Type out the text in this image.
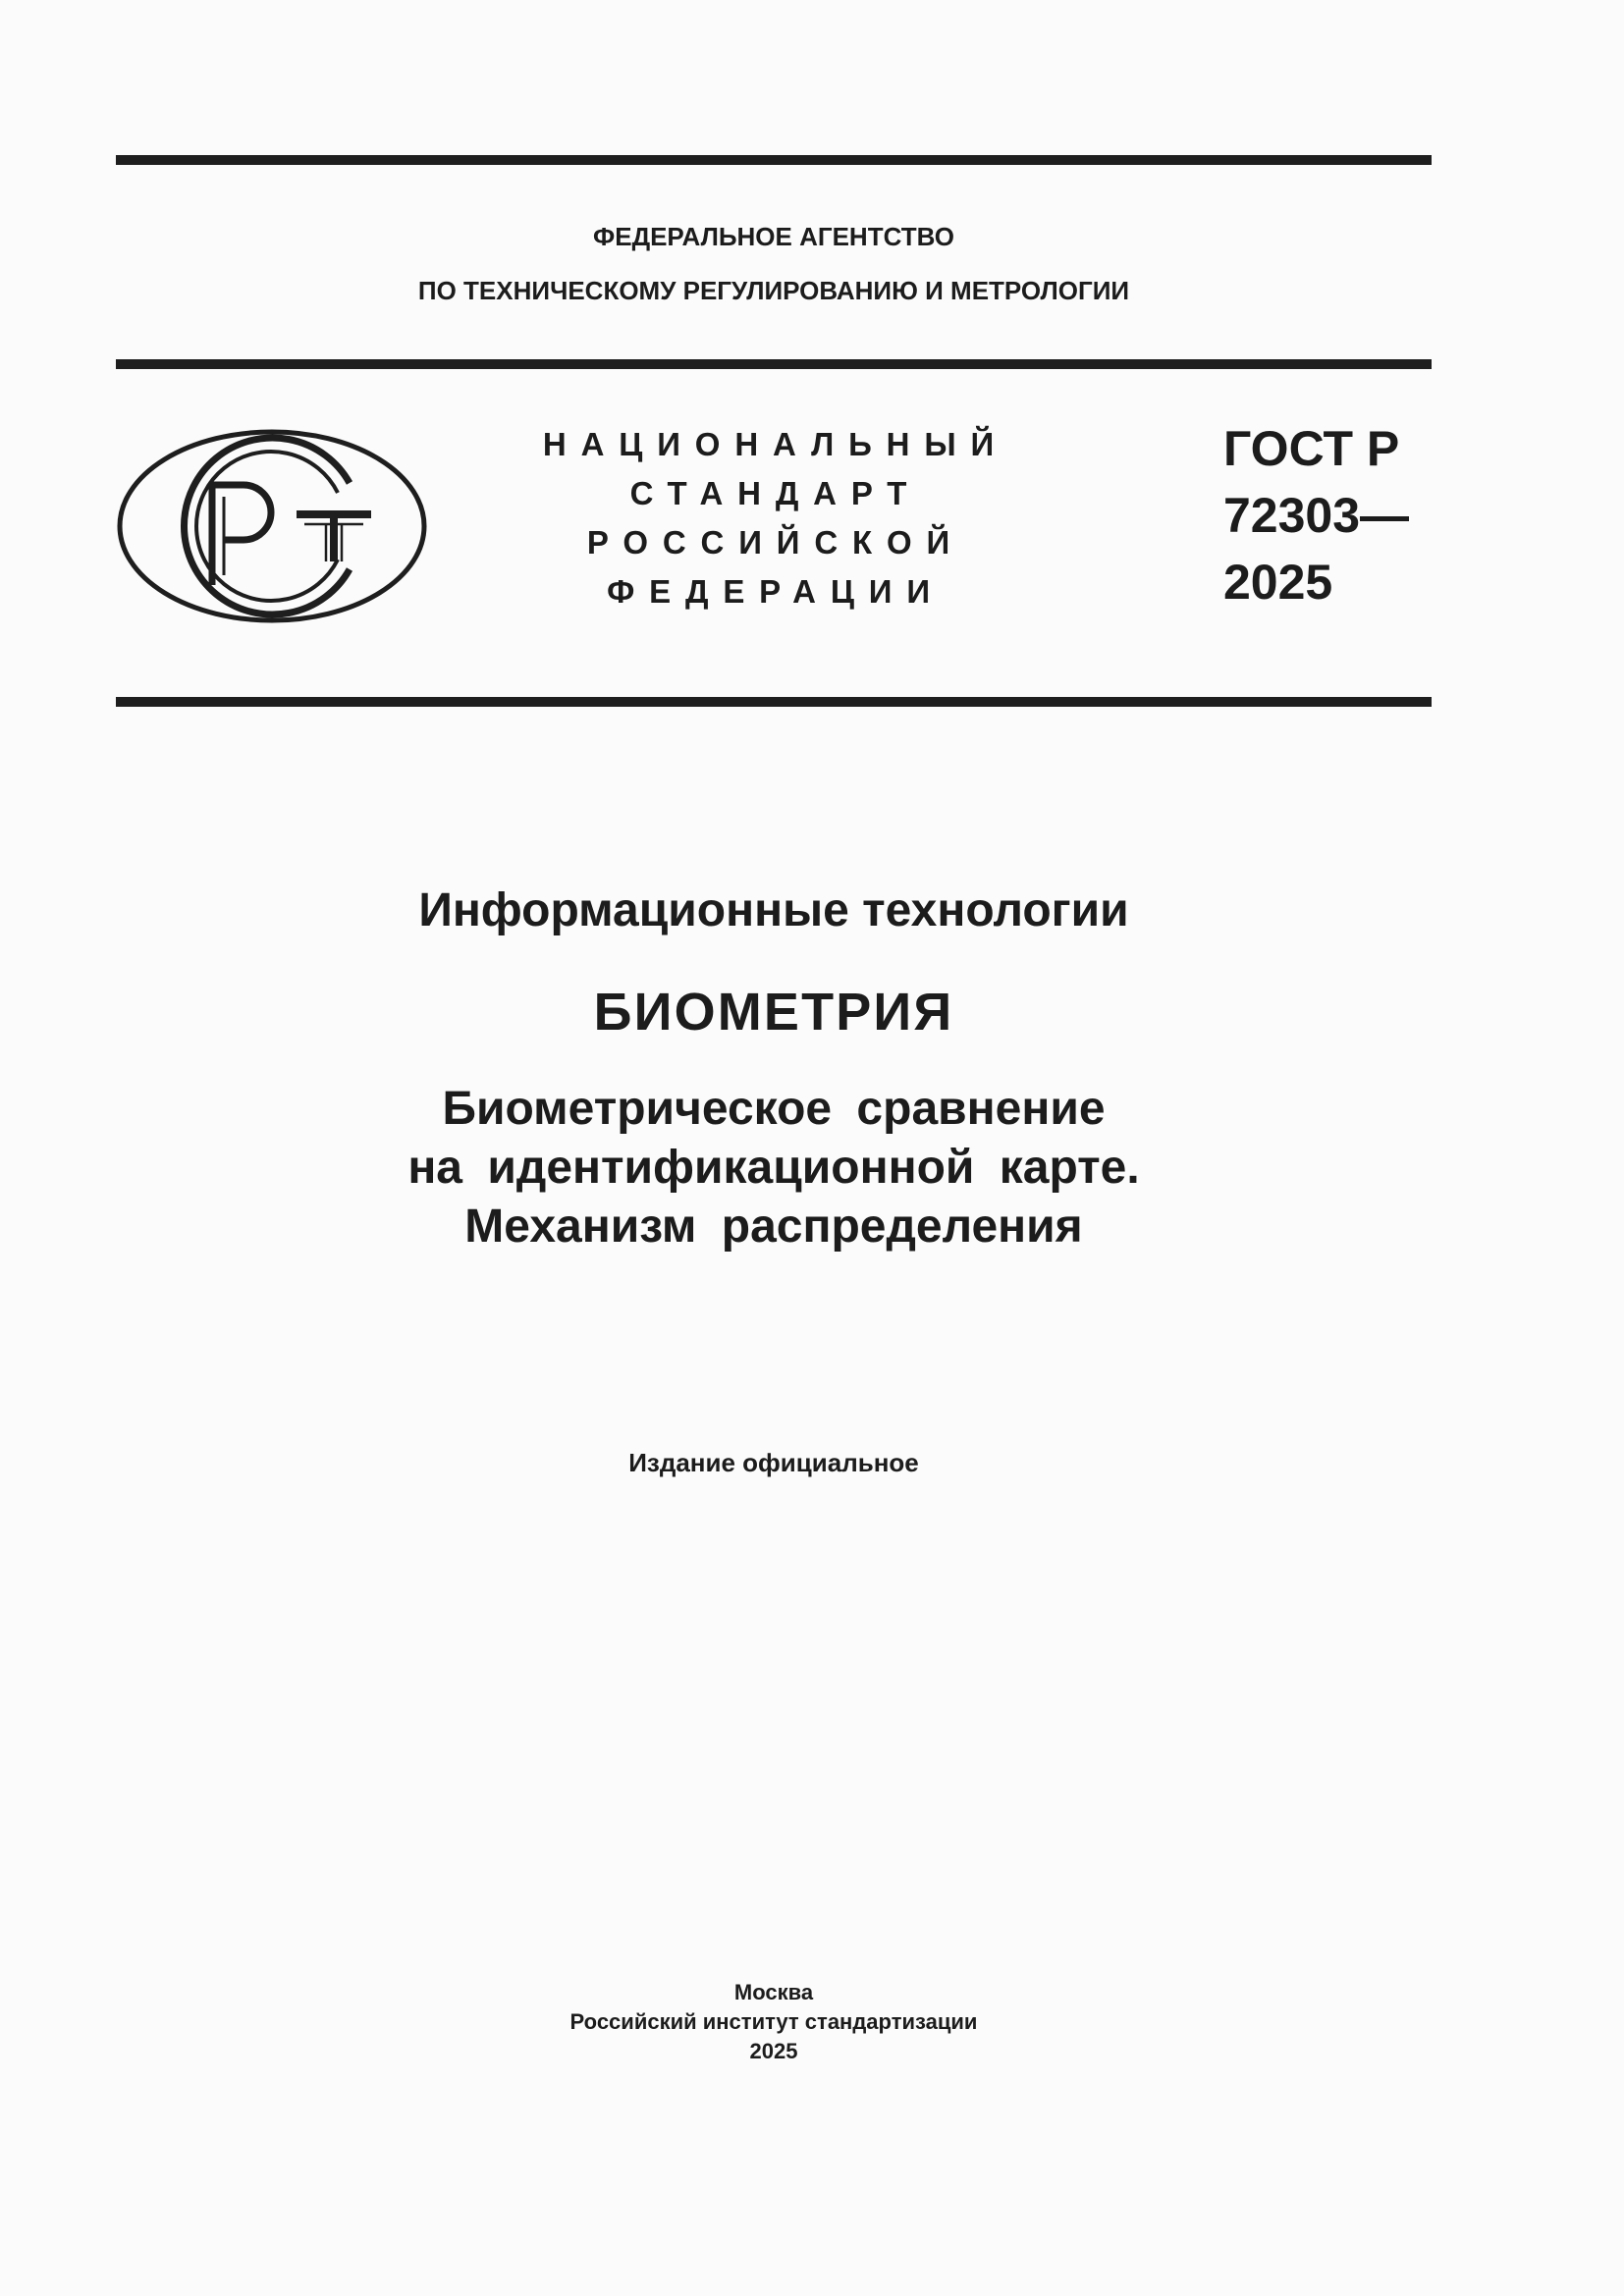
ФЕДЕРАЛЬНОЕ АГЕНТСТВО
ПО ТЕХНИЧЕСКОМУ РЕГУЛИРОВАНИЮ И МЕТРОЛОГИИ
НАЦИОНАЛЬНЫЙ
СТАНДАРТ
РОССИЙСКОЙ
ФЕДЕРАЦИИ
ГОСТ Р
72303—
2025
Информационные технологии
БИОМЕТРИЯ
Биометрическое сравнение
на идентификационной карте.
Механизм распределения
Издание официальное
Москва
Российский институт стандартизации
2025
